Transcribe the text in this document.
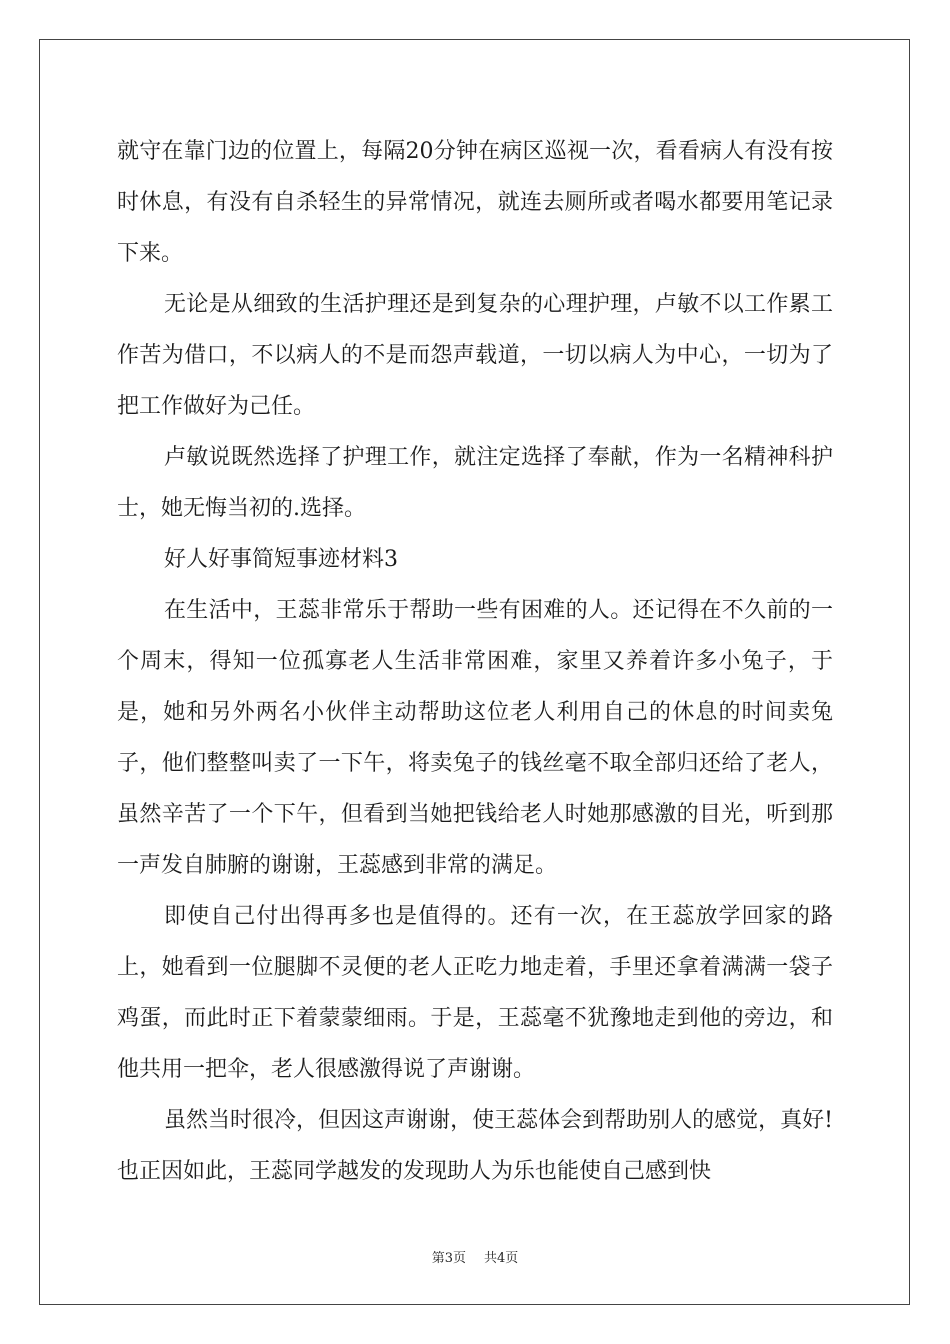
就守在靠门边的位置上，每隔20分钟在病区巡视一次，看看病人有没有按时休息，有没有自杀轻生的异常情况，就连去厕所或者喝水都要用笔记录下来。

无论是从细致的生活护理还是到复杂的心理护理，卢敏不以工作累工作苦为借口，不以病人的不是而怨声载道，一切以病人为中心，一切为了把工作做好为己任。

卢敏说既然选择了护理工作，就注定选择了奉献，作为一名精神科护士，她无悔当初的.选择。

好人好事简短事迹材料3

在生活中，王蕊非常乐于帮助一些有困难的人。还记得在不久前的一个周末，得知一位孤寡老人生活非常困难，家里又养着许多小兔子，于是，她和另外两名小伙伴主动帮助这位老人利用自己的休息的时间卖兔子，他们整整叫卖了一下午，将卖兔子的钱丝毫不取全部归还给了老人，虽然辛苦了一个下午，但看到当她把钱给老人时她那感激的目光，听到那一声发自肺腑的谢谢，王蕊感到非常的满足。

即使自己付出得再多也是值得的。还有一次，在王蕊放学回家的路上，她看到一位腿脚不灵便的老人正吃力地走着，手里还拿着满满一袋子鸡蛋，而此时正下着蒙蒙细雨。于是，王蕊毫不犹豫地走到他的旁边，和他共用一把伞，老人很感激得说了声谢谢。

虽然当时很冷，但因这声谢谢，使王蕊体会到帮助别人的感觉，真好!也正因如此，王蕊同学越发的发现助人为乐也能使自己感到快

第3页 共4页
